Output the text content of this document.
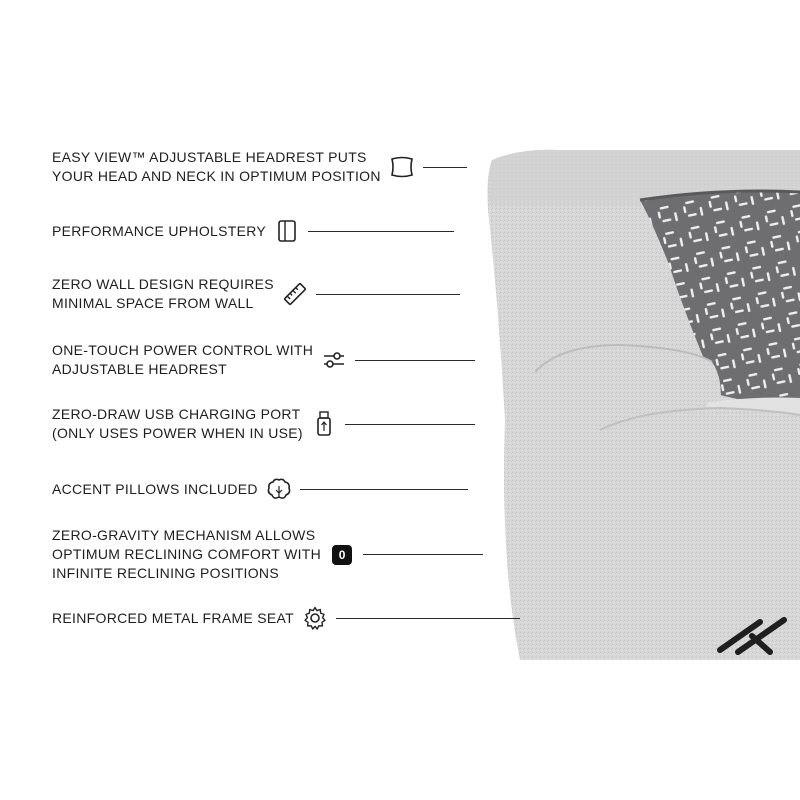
EASY VIEW™ ADJUSTABLE HEADREST PUTS
YOUR HEAD AND NECK IN OPTIMUM POSITION
PERFORMANCE UPHOLSTERY
ZERO WALL DESIGN REQUIRES
MINIMAL SPACE FROM WALL
ONE-TOUCH POWER CONTROL WITH
ADJUSTABLE HEADREST
ZERO-DRAW USB CHARGING PORT
(ONLY USES POWER WHEN IN USE)
ACCENT PILLOWS INCLUDED
ZERO-GRAVITY MECHANISM ALLOWS
OPTIMUM RECLINING COMFORT WITH
INFINITE RECLINING POSITIONS
0
REINFORCED METAL FRAME SEAT
